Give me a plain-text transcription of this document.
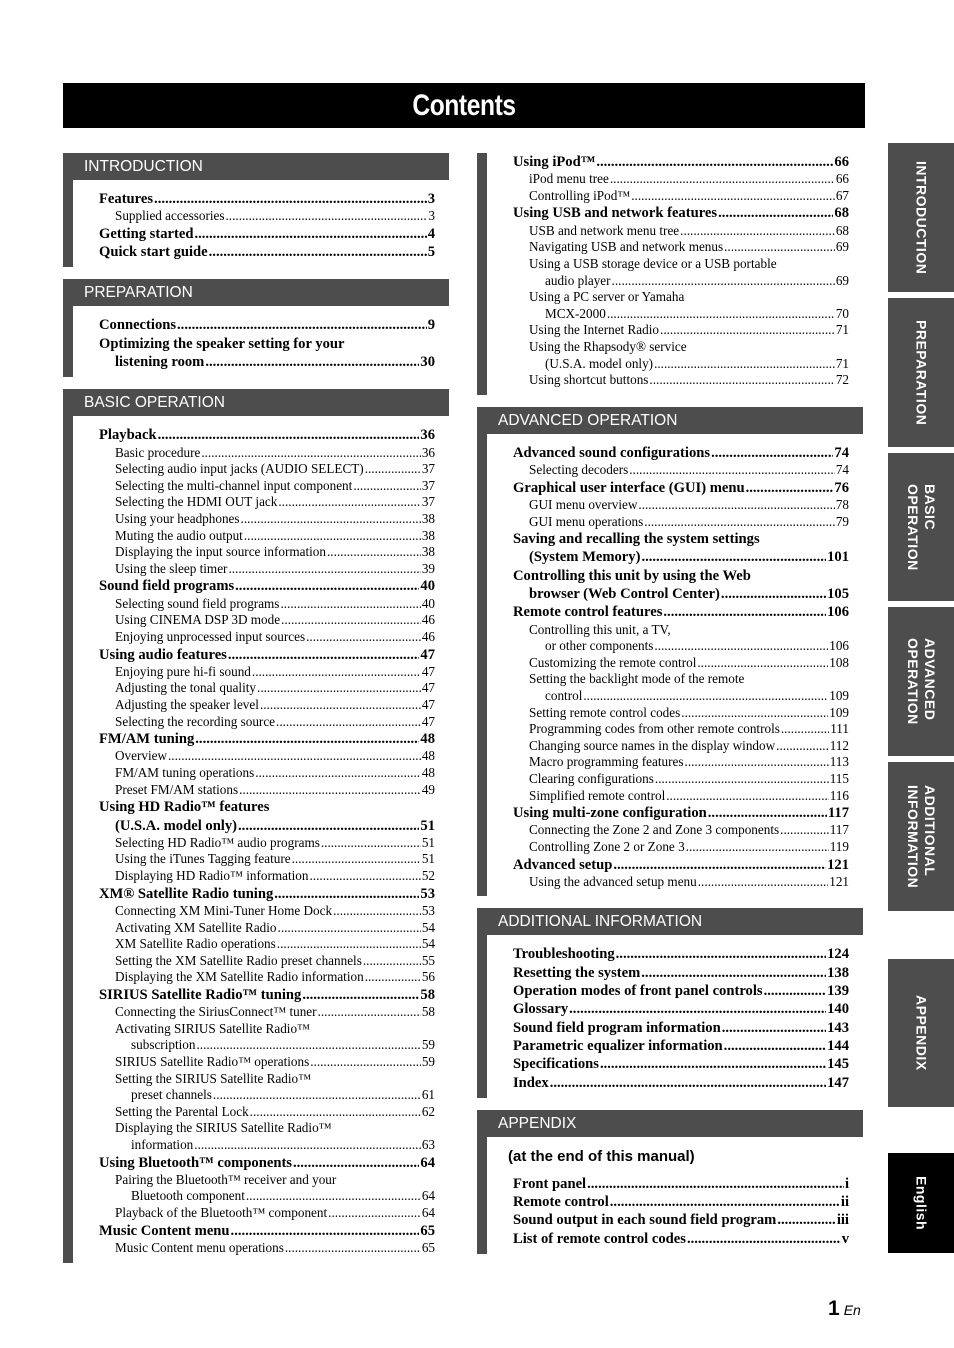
Contents
INTRODUCTION
Features .....	3
Supplied accessories .....	3
Getting started .....	4
Quick start guide .....	5
PREPARATION
Connections .....	9
Optimizing the speaker setting for your
listening room .....	30
BASIC OPERATION
Playback .....	36
Basic procedure .....	36
Selecting audio input jacks (AUDIO SELECT) .....	37
Selecting the multi-channel input component .....	37
Selecting the HDMI OUT jack .....	37
Using your headphones .....	38
Muting the audio output .....	38
Displaying the input source information .....	38
Using the sleep timer .....	39
Sound field programs .....	40
Selecting sound field programs .....	40
Using CINEMA DSP 3D mode .....	46
Enjoying unprocessed input sources .....	46
Using audio features .....	47
Enjoying pure hi-fi sound .....	47
Adjusting the tonal quality .....	47
Adjusting the speaker level .....	47
Selecting the recording source .....	47
FM/AM tuning .....	48
Overview .....	48
FM/AM tuning operations .....	48
Preset FM/AM stations .....	49
Using HD Radio™ features
(U.S.A. model only) .....	51
Selecting HD Radio™ audio programs .....	51
Using the iTunes Tagging feature .....	51
Displaying HD Radio™ information .....	52
XM® Satellite Radio tuning .....	53
Connecting XM Mini-Tuner Home Dock .....	53
Activating XM Satellite Radio .....	54
XM Satellite Radio operations .....	54
Setting the XM Satellite Radio preset channels .....	55
Displaying the XM Satellite Radio information .....	56
SIRIUS Satellite Radio™ tuning .....	58
Connecting the SiriusConnect™ tuner .....	58
Activating SIRIUS Satellite Radio™
subscription .....	59
SIRIUS Satellite Radio™ operations .....	59
Setting the SIRIUS Satellite Radio™
preset channels .....	61
Setting the Parental Lock .....	62
Displaying the SIRIUS Satellite Radio™
information .....	63
Using Bluetooth™ components .....	64
Pairing the Bluetooth™ receiver and your
Bluetooth component .....	64
Playback of the Bluetooth™ component .....	64
Music Content menu .....	65
Music Content menu operations .....	65
Using iPod™ .....	66
iPod menu tree .....	66
Controlling iPod™ .....	67
Using USB and network features .....	68
USB and network menu tree .....	68
Navigating USB and network menus .....	69
Using a USB storage device or a USB portable
audio player .....	69
Using a PC server or Yamaha
MCX-2000 .....	70
Using the Internet Radio .....	71
Using the Rhapsody® service
(U.S.A. model only) .....	71
Using shortcut buttons .....	72
ADVANCED OPERATION
Advanced sound configurations .....	74
Selecting decoders .....	74
Graphical user interface (GUI) menu .....	76
GUI menu overview .....	78
GUI menu operations .....	79
Saving and recalling the system settings
(System Memory) .....	101
Controlling this unit by using the Web
browser (Web Control Center) .....	105
Remote control features .....	106
Controlling this unit, a TV,
or other components .....	106
Customizing the remote control .....	108
Setting the backlight mode of the remote
control .....	109
Setting remote control codes .....	109
Programming codes from other remote controls .....	111
Changing source names in the display window .....	112
Macro programming features .....	113
Clearing configurations .....	115
Simplified remote control .....	116
Using multi-zone configuration .....	117
Connecting the Zone 2 and Zone 3 components .....	117
Controlling Zone 2 or Zone 3 .....	119
Advanced setup .....	121
Using the advanced setup menu .....	121
ADDITIONAL INFORMATION
Troubleshooting .....	124
Resetting the system .....	138
Operation modes of front panel controls .....	139
Glossary .....	140
Sound field program information .....	143
Parametric equalizer information .....	144
Specifications .....	145
Index .....	147
APPENDIX
(at the end of this manual)
Front panel .....	i
Remote control .....	ii
Sound output in each sound field program .....	iii
List of remote control codes .....	v
INTRODUCTION
PREPARATION
BASIC
OPERATION
ADVANCED
OPERATION
ADDITIONAL
INFORMATION
APPENDIX
English
1 En
